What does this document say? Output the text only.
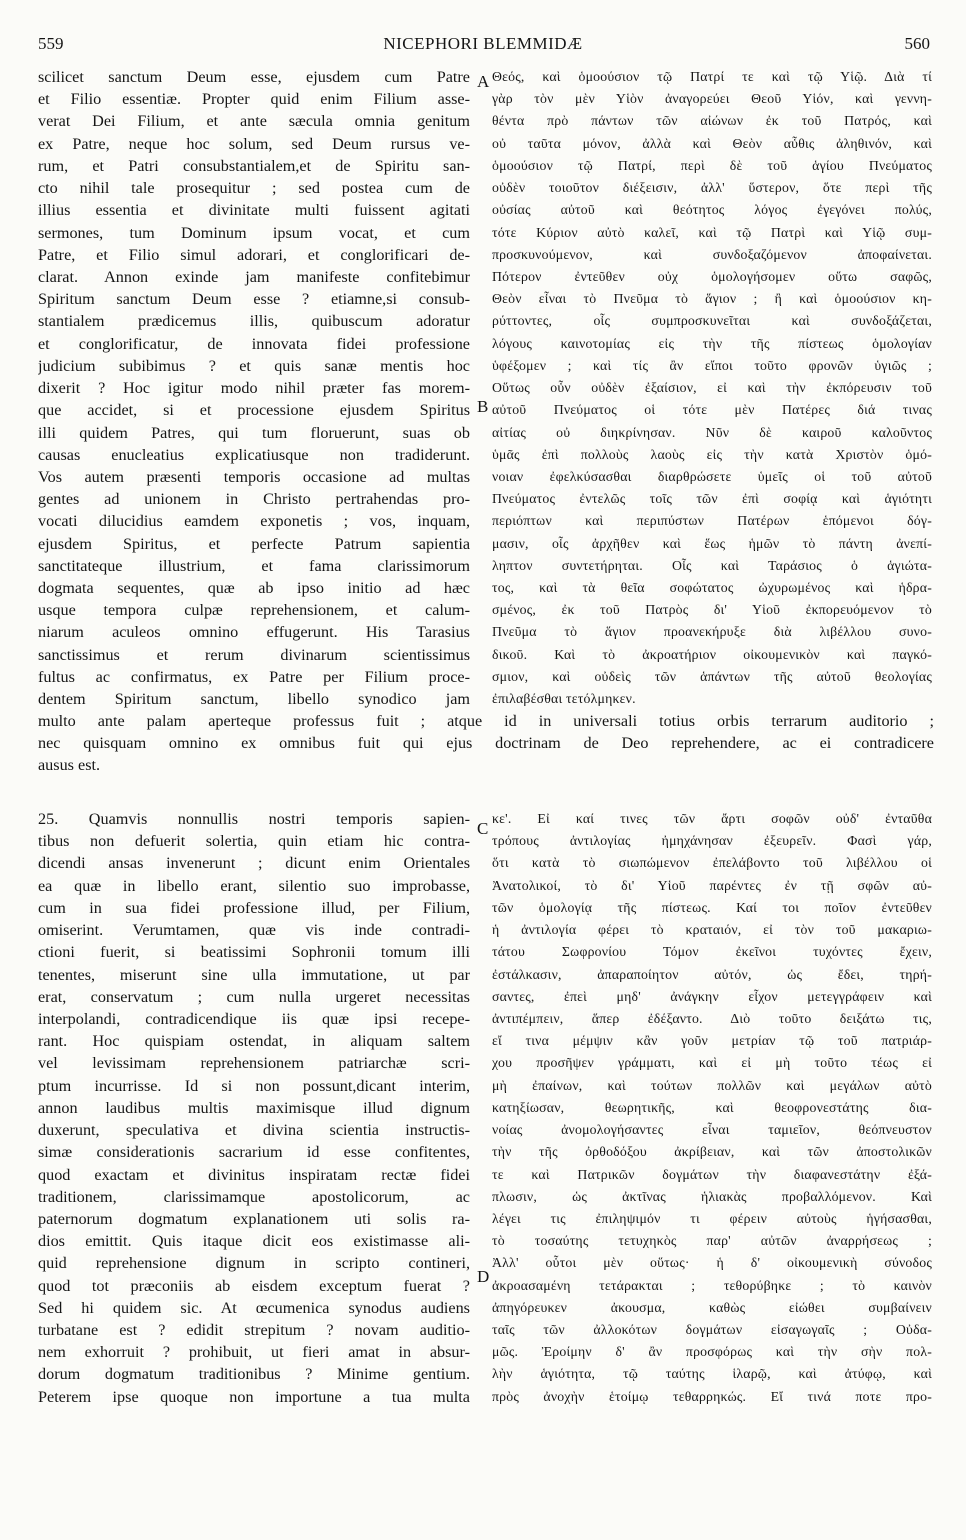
559	NICEPHORI BLEMMIDÆ	560
A
B
C
D
scilicet sanctum Deum esse, ejusdem cum Patre
et Filio essentiæ. Propter quid enim Filium asse-
verat Dei Filium, et ante sæcula omnia genitum
ex Patre, neque hoc solum, sed Deum rursus ve-
rum, et Patri consubstantialem,et de Spiritu san-
cto nihil tale prosequitur ; sed postea cum de
illius essentia et divinitate multi fuissent agitati
sermones, tum Dominum ipsum vocat, et cum
Patre, et Filio simul adorari, et conglorificari de-
clarat. Annon exinde jam manifeste confitebimur
Spiritum sanctum Deum esse ? etiamne,si consub-
stantialem prædicemus illis, quibuscum adoratur
et conglorificatur, de innovata fidei professione
judicium subibimus ? et quis sanæ mentis hoc
dixerit ? Hoc igitur modo nihil præter fas morem-
que accidet, si et processione ejusdem Spiritus
illi quidem Patres, qui tum floruerunt, suas ob
causas enucleatius explicatiusque non tradiderunt.
Vos autem præsenti temporis occasione ad multas
gentes ad unionem in Christo pertrahendas pro-
vocati dilucidius eamdem exponetis ; vos, inquam,
ejusdem Spiritus, et perfecte Patrum sapientia
sanctitateque illustrium, et fama clarissimorum
dogmata sequentes, quæ ab ipso initio ad hæc
usque tempora culpæ reprehensionem, et calum-
niarum aculeos omnino effugerunt. His Tarasius
sanctissimus et rerum divinarum scientissimus
fultus ac confirmatus, ex Patre per Filium proce-
dentem Spiritum sanctum, libello synodico jam
Θεός, καὶ ὁμοούσιον τῷ Πατρί τε καὶ τῷ Υἱῷ. Διὰ τί
γὰρ τὸν μὲν Υἱὸν ἀναγορεύει Θεοῦ Υἱόν, καὶ γεννη-
θέντα πρὸ πάντων τῶν αἰώνων ἐκ τοῦ Πατρός, καὶ
οὐ ταῦτα μόνον, ἀλλὰ καὶ Θεὸν αὖθις ἀληθινόν, καὶ
ὁμοούσιον τῷ Πατρί, περὶ δὲ τοῦ ἁγίου Πνεύματος
οὐδὲν τοιοῦτον διέξεισιν, ἀλλ' ὕστερον, ὅτε περὶ τῆς
οὐσίας αὐτοῦ καὶ θεότητος λόγος ἐγεγόνει πολύς,
τότε Κύριον αὐτὸ καλεῖ, καὶ τῷ Πατρὶ καὶ Υἱῷ συμ-
προσκυνούμενον, καὶ συνδοξαζόμενον ἀποφαίνεται.
Πότερον ἐντεῦθεν οὐχ ὁμολογήσομεν οὕτω σαφῶς,
Θεὸν εἶναι τὸ Πνεῦμα τὸ ἅγιον ; ἢ καὶ ὁμοούσιον κη-
ρύττοντες, οἷς συμπροσκυνεῖται καὶ συνδοξάζεται,
λόγους καινοτομίας εἰς τὴν τῆς πίστεως ὁμολογίαν
ὑφέξομεν ; καὶ τίς ἂν εἴποι τοῦτο φρονῶν ὑγιῶς ;
Οὕτως οὖν οὐδὲν ἐξαίσιον, εἰ καὶ τὴν ἐκπόρευσιν τοῦ
αὐτοῦ Πνεύματος οἱ τότε μὲν Πατέρες διά τινας
αἰτίας οὐ διηκρίνησαν. Νῦν δὲ καιροῦ καλοῦντος
ὑμᾶς ἐπὶ πολλοὺς λαοὺς εἰς τὴν κατὰ Χριστὸν ὁμό-
νοιαν ἐφελκύσασθαι διαρθρώσετε ὑμεῖς οἱ τοῦ αὐτοῦ
Πνεύματος ἐντελῶς τοῖς τῶν ἐπὶ σοφίᾳ καὶ ἁγιότητι
περιόπτων καὶ περιπύστων Πατέρων ἑπόμενοι δόγ-
μασιν, οἷς ἀρχῆθεν καὶ ἕως ἡμῶν τὸ πάντη ἀνεπί-
ληπτον συντετήρηται. Οἷς καὶ Ταράσιος ὁ ἁγιώτα-
τος, καὶ τὰ θεῖα σοφώτατος ὠχυρωμένος καὶ ἡδρα-
σμένος, ἐκ τοῦ Πατρὸς δι' Υἱοῦ ἐκπορευόμενον τὸ
Πνεῦμα τὸ ἅγιον προανεκήρυξε διὰ λιβέλλου συνο-
δικοῦ. Καὶ τὸ ἀκροατήριον οἰκουμενικὸν καὶ παγκό-
σμιον, καὶ οὐδεὶς τῶν ἁπάντων τῆς αὐτοῦ θεολογίας
ἐπιλαβέσθαι τετόλμηκεν.
multo ante palam aperteque professus fuit ; atque id in universali totius orbis terrarum auditorio ;
nec quisquam omnino ex omnibus fuit qui ejus doctrinam de Deo reprehendere, ac ei contradicere
ausus est.
25. Quamvis nonnullis nostri temporis sapien-
tibus non defuerit solertia, quin etiam hic contra-
dicendi ansas invenerunt ; dicunt enim Orientales
ea quæ in libello erant, silentio suo improbasse,
cum in sua fidei professione illud, per Filium,
omiserint. Verumtamen, quæ vis inde contradi-
ctioni fuerit, si beatissimi Sophronii tomum illi
tenentes, miserunt sine ulla immutatione, ut par
erat, conservatum ; cum nulla urgeret necessitas
interpolandi, contradicendique iis quæ ipsi recepe-
rant. Hoc quispiam ostendat, in aliquam saltem
vel levissimam reprehensionem patriarchæ scri-
ptum incurrisse. Id si non possunt,dicant interim,
annon laudibus multis maximisque illud dignum
duxerunt, speculativa et divina scientia instructis-
simæ considerationis sacrarium id esse confitentes,
quod exactam et divinitus inspiratam rectæ fidei
traditionem, clarissimamque apostolicorum, ac
paternorum dogmatum explanationem uti solis ra-
dios emittit. Quis itaque dicit eos existimasse ali-
quid reprehensione dignum in scripto contineri,
quod tot præconiis ab eisdem exceptum fuerat ?
Sed hi quidem sic. At œcumenica synodus audiens
turbatane est ? edidit strepitum ? novam auditio-
nem exhorruit ? prohibuit, ut fieri amat in absur-
dorum dogmatum traditionibus ? Minime gentium.
Peterem ipse quoque non importune a tua multa
κε'. Εἰ καί τινες τῶν ἄρτι σοφῶν οὐδ' ἐνταῦθα
τρόπους ἀντιλογίας ἠμηχάνησαν ἐξευρεῖν. Φασὶ γάρ,
ὅτι κατὰ τὸ σιωπώμενον ἐπελάβοντο τοῦ λιβέλλου οἱ
Ἀνατολικοί, τὸ δι' Υἱοῦ παρέντες ἐν τῇ σφῶν αὐ-
τῶν ὁμολογίᾳ τῆς πίστεως. Καί τοι ποῖον ἐντεῦθεν
ἡ ἀντιλογία φέρει τὸ κραταιόν, εἰ τὸν τοῦ μακαριω-
τάτου Σωφρονίου Τόμον ἐκεῖνοι τυχόντες ἔχειν,
ἐστάλκασιν, ἀπαραποίητον αὐτόν, ὡς ἔδει, τηρή-
σαντες, ἐπεὶ μηδ' ἀνάγκην εἶχον μετεγγράφειν καὶ
ἀντιπέμπειν, ἅπερ ἐδέξαντο. Διὸ τοῦτο δειξάτω τις,
εἴ τινα μέμψιν κἂν γοῦν μετρίαν τῷ τοῦ πατριάρ-
χου προσῆψεν γράμματι, καὶ εἰ μὴ τοῦτο τέως εἰ
μὴ ἐπαίνων, καὶ τούτων πολλῶν καὶ μεγάλων αὐτὸ
κατηξίωσαν, θεωρητικῆς, καὶ θεοφρονεστάτης δια-
νοίας ἀνομολογήσαντες εἶναι ταμιεῖον, θεόπνευστον
τὴν τῆς ὀρθοδόξου ἀκρίβειαν, καὶ τῶν ἀποστολικῶν
τε καὶ Πατρικῶν δογμάτων τὴν διαφανεστάτην ἐξά-
πλωσιν, ὡς ἀκτῖνας ἡλιακὰς προβαλλόμενον. Καὶ
λέγει τις ἐπιληψιμόν τι φέρειν αὐτοὺς ἡγήσασθαι,
τὸ τοσαύτης τετυχηκὸς παρ' αὐτῶν ἀναρρήσεως ;
Ἀλλ' οὗτοι μὲν οὕτως· ἡ δ' οἰκουμενικὴ σύνοδος
ἀκροασαμένη τετάρακται ; τεθορύβηκε ; τὸ καινὸν
ἀπηγόρευκεν ἀκουσμα, καθὼς εἰώθει συμβαίνειν
ταῖς τῶν ἀλλοκότων δογμάτων εἰσαγωγαῖς ; Οὐδα-
μῶς. Ἐροίμην δ' ἂν προσφόρως καὶ τὴν σὴν πολ-
λὴν ἁγιότητα, τῷ ταύτης ἱλαρῷ, καὶ ἀτύφῳ, καὶ
πρὸς ἀνοχὴν ἑτοίμῳ τεθαρρηκώς. Εἴ τινά ποτε προ-
